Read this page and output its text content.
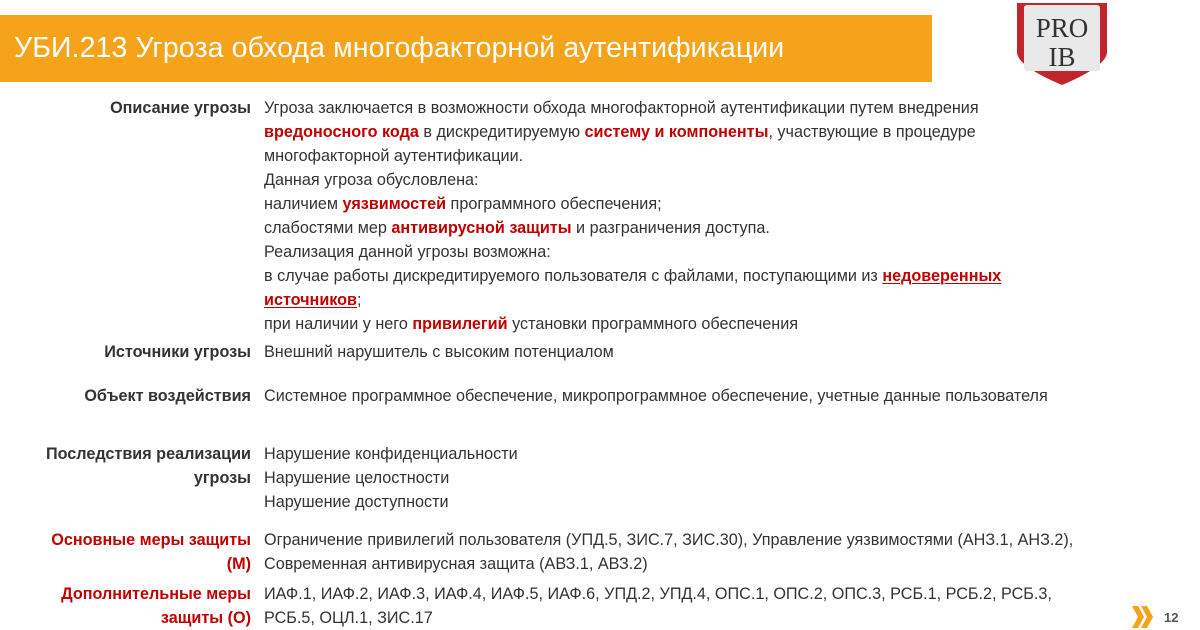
УБИ.213 Угроза обхода многофакторной аутентификации
PRO
IB
Описание угрозы Угроза заключается в возможности обхода многофакторной аутентификации путем внедрения
вредоносного кода в дискредитируемую систему и компоненты, участвующие в процедуре
многофакторной аутентификации.
Данная угроза обусловлена:
наличием уязвимостей программного обеспечения;
слабостями мер антивирусной защиты и разграничения доступа.
Реализация данной угрозы возможна:
в случае работы дискредитируемого пользователя с файлами, поступающими из недоверенных
источников;
при наличии у него привилегий установки программного обеспечения
Источники угрозы Внешний нарушитель с высоким потенциалом
Объект воздействия Системное программное обеспечение, микропрограммное обеспечение, учетные данные пользователя
Последствия реализации
угрозы
Нарушение конфиденциальности
Нарушение целостности
Нарушение доступности
Основные меры защиты
(М)
Ограничение привилегий пользователя (УПД.5, ЗИС.7, ЗИС.30), Управление уязвимостями (АНЗ.1, АНЗ.2),
Современная антивирусная защита (АВЗ.1, АВЗ.2)
Дополнительные меры
защиты (О)
ИАФ.1, ИАФ.2, ИАФ.3, ИАФ.4, ИАФ.5, ИАФ.6, УПД.2, УПД.4, ОПС.1, ОПС.2, ОПС.3, РСБ.1, РСБ.2, РСБ.3,
РСБ.5, ОЦЛ.1, ЗИС.17	12
